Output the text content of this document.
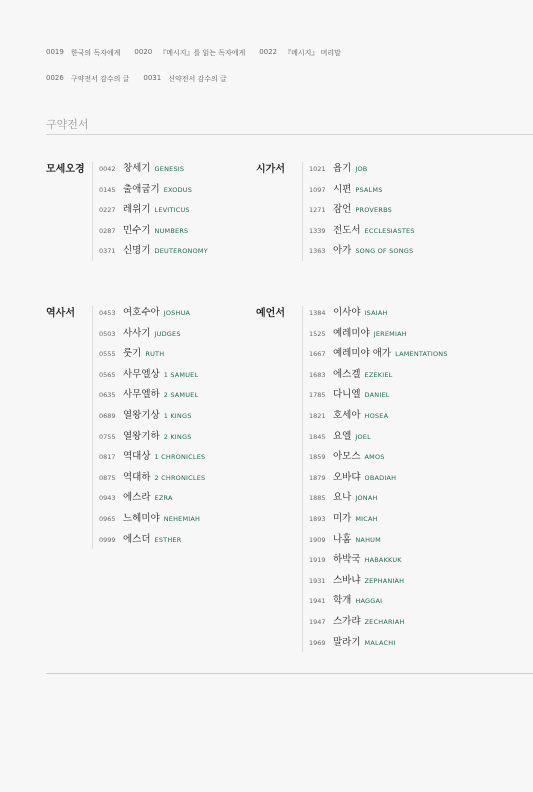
0019 한국의 독자에게 0020 『메시지』를 읽는 독자에게 0022 『메시지』 머리말
0026 구약전서 감수의 글 0031 신약전서 감수의 글
구약전서
모세오경 0042 창세기 GENESIS
0145 출애굽기 EXODUS
0227 레위기 LEVITICUS
0287 민수기 NUMBERS
0371 신명기 DEUTERONOMY
시가서	1021 욥기 JOB
1097 시편 PSALMS
1271 잠언 PROVERBS
1339 전도서 ECCLESIASTES
1363 아가 SONG OF SONGS
역사서	0453 여호수아 JOSHUA
0503 사사기 JUDGES
0555 룻기 RUTH
0565 사무엘상 1 SAMUEL
0635 사무엘하 2 SAMUEL
0689 열왕기상 1 KINGS
0755 열왕기하 2 KINGS
0817 역대상 1 CHRONICLES
0875 역대하 2 CHRONICLES
0943 에스라 EZRA
0965 느헤미야 NEHEMIAH
0999 에스더 ESTHER
예언서	1384 이사야 ISAIAH
1525 예레미야 JEREMIAH
1667 예레미야 애가 LAMENTATIONS
1683 에스겔 EZEKIEL
1785 다니엘 DANIEL
1821 호세아 HOSEA
1845 요엘 JOEL
1859 아모스 AMOS
1879 오바댜 OBADIAH
1885 요나 JONAH
1893 미가 MICAH
1909 나훔 NAHUM
1919 하박국 HABAKKUK
1931 스바냐 ZEPHANIAH
1941 학개 HAGGAI
1947 스가랴 ZECHARIAH
1969 말라기 MALACHI
